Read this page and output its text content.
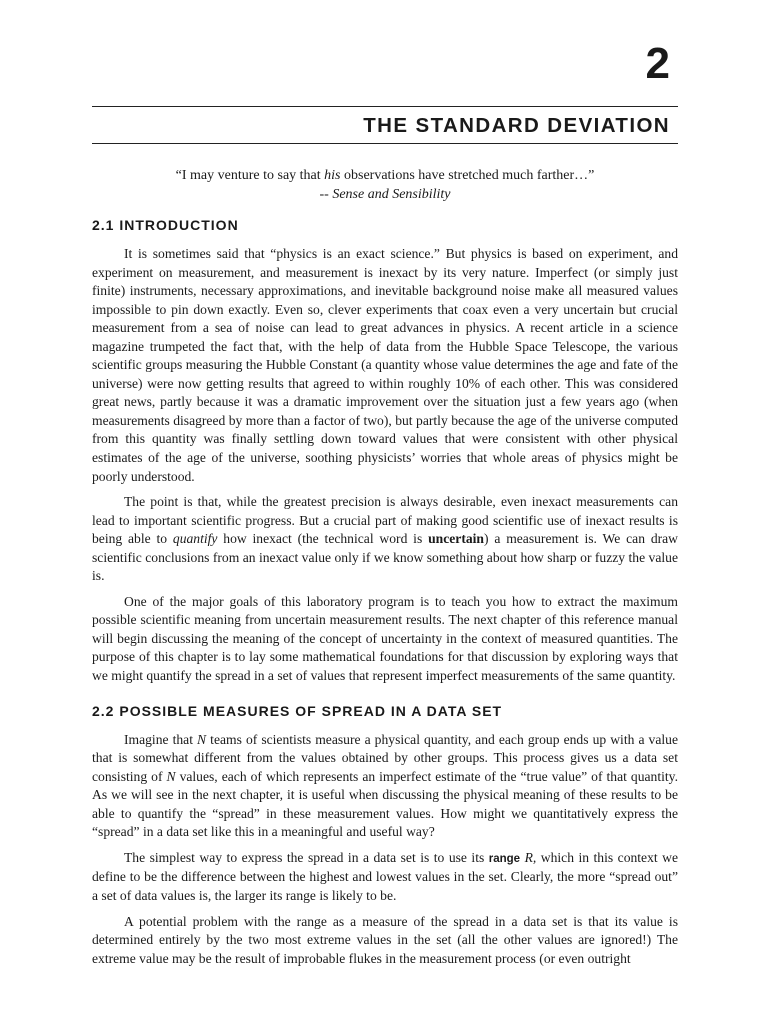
2
THE STANDARD DEVIATION

“I may venture to say that his observations have stretched much farther…”

-- Sense and Sensibility

2.1 INTRODUCTION

It is sometimes said that “physics is an exact science.” But physics is based on experiment, and experiment on measurement, and measurement is inexact by its very nature. Imperfect (or simply just finite) instruments, necessary approximations, and inevitable background noise make all measured values impossible to pin down exactly. Even so, clever experiments that coax even a very uncertain but crucial measurement from a sea of noise can lead to great advances in physics. A recent article in a science magazine trumpeted the fact that, with the help of data from the Hubble Space Telescope, the various scientific groups measuring the Hubble Constant (a quantity whose value determines the age and fate of the universe) were now getting results that agreed to within roughly 10% of each other. This was considered great news, partly because it was a dramatic improvement over the situation just a few years ago (when measurements disagreed by more than a factor of two), but partly because the age of the universe computed from this quantity was finally settling down toward values that were consistent with other physical estimates of the age of the universe, soothing physicists’ worries that whole areas of physics might be poorly understood.

The point is that, while the greatest precision is always desirable, even inexact measurements can lead to important scientific progress. But a crucial part of making good scientific use of inexact results is being able to quantify how inexact (the technical word is uncertain) a measurement is. We can draw scientific conclusions from an inexact value only if we know something about how sharp or fuzzy the value is.

One of the major goals of this laboratory program is to teach you how to extract the maximum possible scientific meaning from uncertain measurement results. The next chapter of this reference manual will begin discussing the meaning of the concept of uncertainty in the context of measured quantities. The purpose of this chapter is to lay some mathematical foundations for that discussion by exploring ways that we might quantify the spread in a set of values that represent imperfect measurements of the same quantity.

2.2 POSSIBLE MEASURES OF SPREAD IN A DATA SET

Imagine that N teams of scientists measure a physical quantity, and each group ends up with a value that is somewhat different from the values obtained by other groups. This process gives us a data set consisting of N values, each of which represents an imperfect estimate of the “true value” of that quantity. As we will see in the next chapter, it is useful when discussing the physical meaning of these results to be able to quantify the “spread” in these measurement values. How might we quantitatively express the “spread” in a data set like this in a meaningful and useful way?

The simplest way to express the spread in a data set is to use its range R, which in this context we define to be the difference between the highest and lowest values in the set. Clearly, the more “spread out” a set of data values is, the larger its range is likely to be.

A potential problem with the range as a measure of the spread in a data set is that its value is determined entirely by the two most extreme values in the set (all the other values are ignored!) The extreme value may be the result of improbable flukes in the measurement process (or even outright
